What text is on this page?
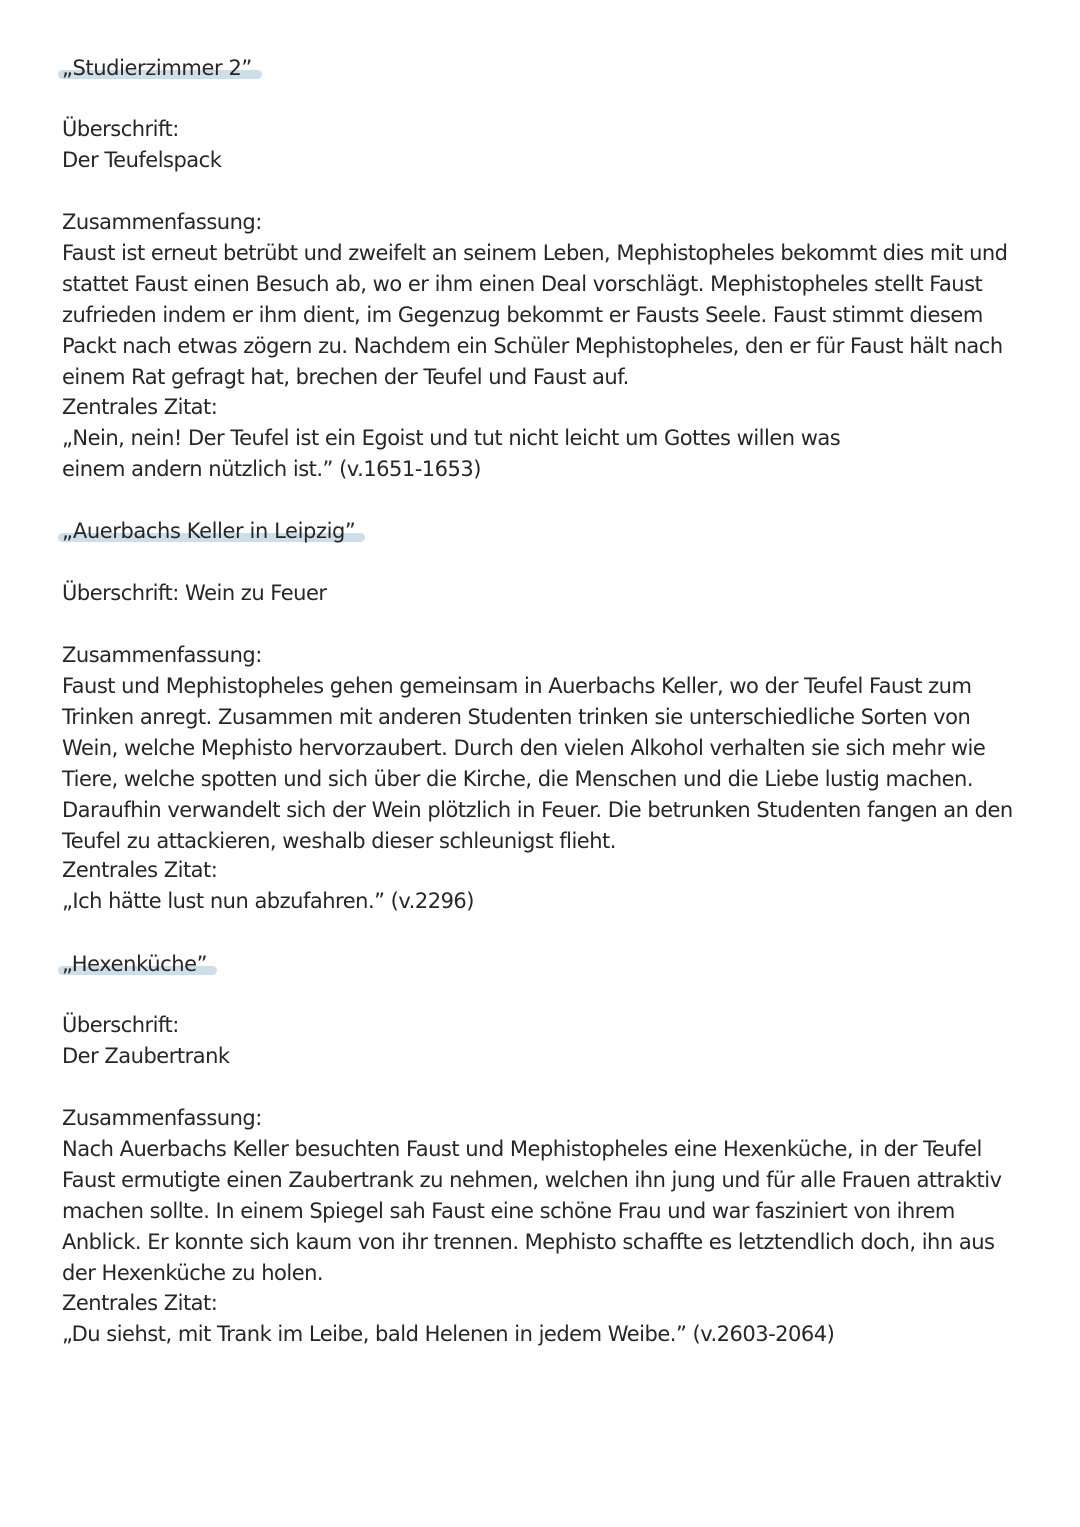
„Studierzimmer 2”
Überschrift:
Der Teufelspack
Zusammenfassung:

Faust ist erneut betrübt und zweifelt an seinem Leben, Mephistopheles bekommt dies mit und stattet Faust einen Besuch ab, wo er ihm einen Deal vorschlägt. Mephistopheles stellt Faust zufrieden indem er ihm dient, im Gegenzug bekommt er Fausts Seele. Faust stimmt diesem Packt nach etwas zögern zu. Nachdem ein Schüler Mephistopheles, den er für Faust hält nach einem Rat gefragt hat, brechen der Teufel und Faust auf.

Zentrales Zitat:

„Nein, nein! Der Teufel ist ein Egoist und tut nicht leicht um Gottes willen was einem andern nützlich ist.” (v.1651-1653)

„Auerbachs Keller in Leipzig”
Überschrift: Wein zu Feuer
Zusammenfassung:

Faust und Mephistopheles gehen gemeinsam in Auerbachs Keller, wo der Teufel Faust zum Trinken anregt. Zusammen mit anderen Studenten trinken sie unterschiedliche Sorten von Wein, welche Mephisto hervorzaubert. Durch den vielen Alkohol verhalten sie sich mehr wie Tiere, welche spotten und sich über die Kirche, die Menschen und die Liebe lustig machen. Daraufhin verwandelt sich der Wein plötzlich in Feuer. Die betrunken Studenten fangen an den Teufel zu attackieren, weshalb dieser schleunigst flieht.

Zentrales Zitat:

„Ich hätte lust nun abzufahren.” (v.2296)

„Hexenküche”
Überschrift:
Der Zaubertrank
Zusammenfassung:

Nach Auerbachs Keller besuchten Faust und Mephistopheles eine Hexenküche, in der Teufel Faust ermutigte einen Zaubertrank zu nehmen, welchen ihn jung und für alle Frauen attraktiv machen sollte. In einem Spiegel sah Faust eine schöne Frau und war fasziniert von ihrem Anblick. Er konnte sich kaum von ihr trennen. Mephisto schaffte es letztendlich doch, ihn aus der Hexenküche zu holen.

Zentrales Zitat:

„Du siehst, mit Trank im Leibe, bald Helenen in jedem Weibe.” (v.2603-2064)
